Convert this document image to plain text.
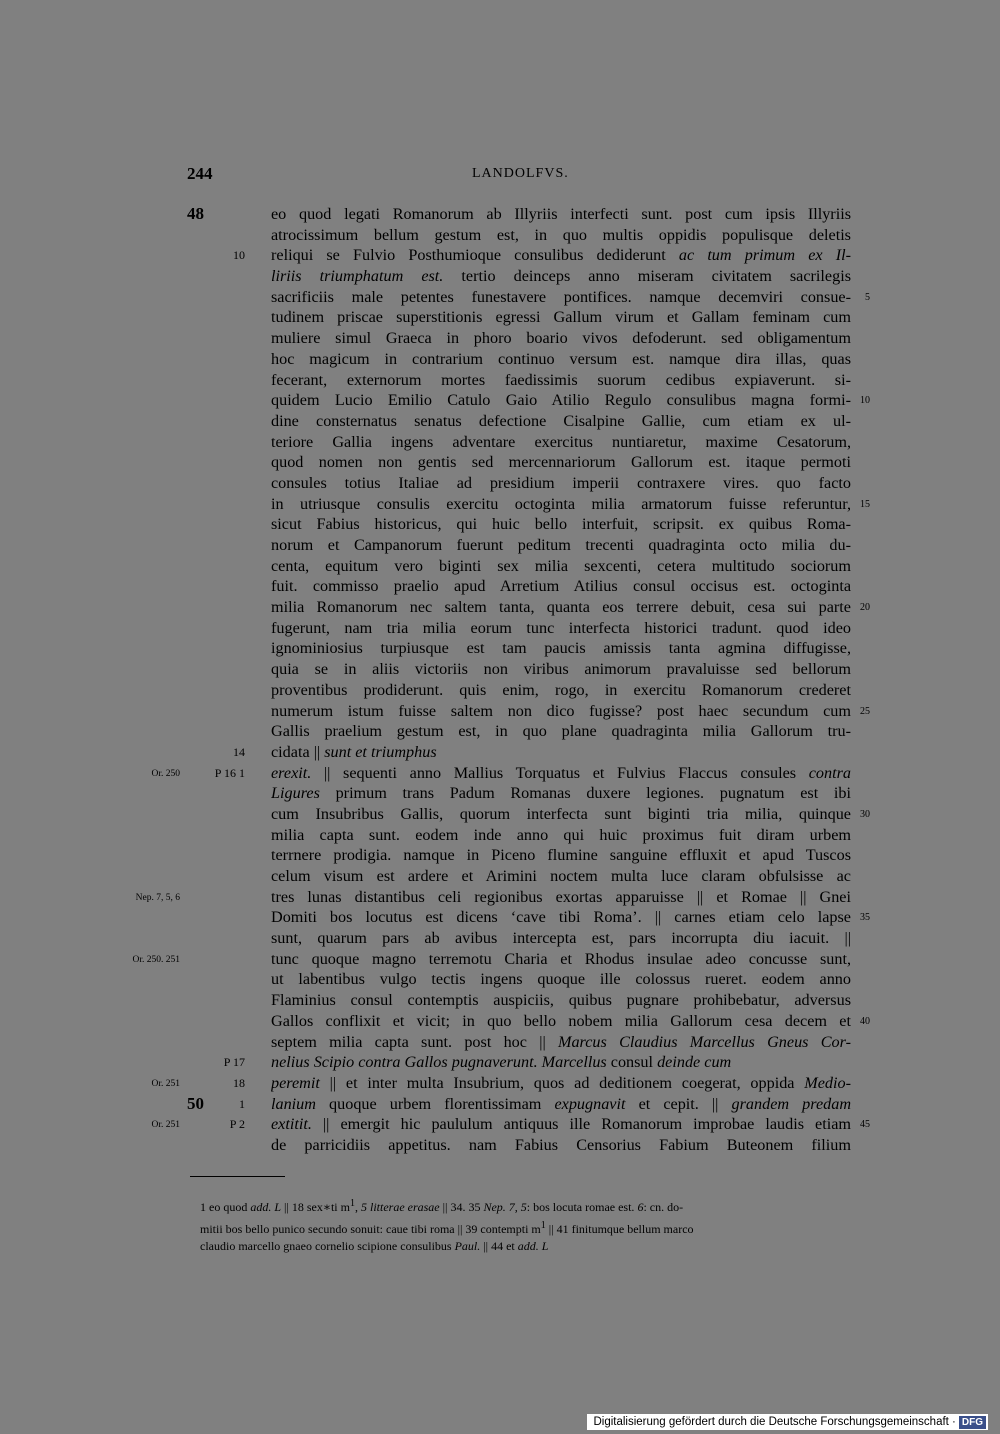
244	LANDOLFVS.
48	eo quod legati Romanorum ab Illyriis interfecti sunt. post cum ipsis Illyriis
atrocissimum bellum gestum est, in quo multis oppidis populisque deletis
10 reliqui se Fulvio Posthumioque consulibus dediderunt ac tum primum ex Il-
liriis triumphatum est. tertio deinceps anno miseram civitatem sacrilegis
sacrificiis male petentes funestavere pontifices. namque decemviri consue-	5
tudinem priscae superstitionis egressi Gallum virum et Gallam feminam cum
muliere simul Graeca in phoro boario vivos defoderunt. sed obligamentum
hoc magicum in contrarium continuo versum est. namque dira illas, quas
fecerant, externorum mortes faedissimis suorum cedibus expiaverunt. si-
quidem Lucio Emilio Catulo Gaio Atilio Regulo consulibus magna formi- 10
dine consternatus senatus defectione Cisalpine Gallie, cum etiam ex ul-
teriore Gallia ingens adventare exercitus nuntiaretur, maxime Cesatorum,
quod nomen non gentis sed mercennariorum Gallorum est. itaque permoti
consules totius Italiae ad presidium imperii contraxere vires. quo facto
in utriusque consulis exercitu octoginta milia armatorum fuisse referuntur, 15
sicut Fabius historicus, qui huic bello interfuit, scripsit. ex quibus Roma-
norum et Campanorum fuerunt peditum trecenti quadraginta octo milia du-
centa, equitum vero biginti sex milia sexcenti, cetera multitudo sociorum
fuit. commisso praelio apud Arretium Atilius consul occisus est. octoginta
milia Romanorum nec saltem tanta, quanta eos terrere debuit, cesa sui parte 20
fugerunt, nam tria milia eorum tunc interfecta historici tradunt. quod ideo
ignominiosius turpiusque est tam paucis amissis tanta agmina diffugisse,
quia se in aliis victoriis non viribus animorum pravaluisse sed bellorum
proventibus prodiderunt. quis enim, rogo, in exercitu Romanorum crederet
numerum istum fuisse saltem non dico fugisse? post haec secundum cum 25
Gallis praelium gestum est, in quo plane quadraginta milia Gallorum tru-
14 cidata || sunt et triumphus
Or. 250	P 16 1 erexit. || sequenti anno Mallius Torquatus et Fulvius Flaccus consules contra
Ligures primum trans Padum Romanas duxere legiones. pugnatum est ibi
cum Insubribus Gallis, quorum interfecta sunt biginti tria milia, quinque 30
milia capta sunt. eodem inde anno qui huic proximus fuit diram urbem
terrnere prodigia. namque in Piceno flumine sanguine effluxit et apud Tuscos
celum visum est ardere et Arimini noctem multa luce claram obfulsisse ac
Nep. 7, 5, 6	tres lunas distantibus celi regionibus exortas apparuisse || et Romae || Gnei
Domiti bos locutus est dicens ‘cave tibi Roma’. || carnes etiam celo lapse 35
sunt, quarum pars ab avibus intercepta est, pars incorrupta diu iacuit. ||
Or. 250. 251	tunc quoque magno terremotu Charia et Rhodus insulae adeo concusse sunt,
ut labentibus vulgo tectis ingens quoque ille colossus rueret. eodem anno
Flaminius consul contemptis auspiciis, quibus pugnare prohibebatur, adversus
Gallos conflixit et vicit; in quo bello nobem milia Gallorum cesa decem et 40
septem milia capta sunt. post hoc || Marcus Claudius Marcellus Gneus Cor-
P 17 nelius Scipio contra Gallos pugnaverunt. Marcellus consul deinde cum
Or. 251	18 peremit || et inter multa Insubrium, quos ad deditionem coegerat, oppida Medio-
50	1 lanium quoque urbem florentissimam expugnavit et cepit. || grandem predam
Or. 251	P 2 extitit. || emergit hic paululum antiquus ille Romanorum improbae laudis etiam 45
de parricidiis appetitus. nam Fabius Censorius Fabium Buteonem filium
1 eo quod add. L || 18 sex∗ti $m^1$, 5 litterae erasae || 34. 35 Nep. 7, 5: bos locuta romae est. 6: cn. do-
mitii bos bello punico secundo sonuit: caue tibi roma || 39 contempti $m^1$ || 41 finitumque bellum marco
claudio marcello gnaeo cornelio scipione consulibus Paul. || 44 et add. L
Digitalisierung gefördert durch die Deutsche Forschungsgemeinschaft · DFG
